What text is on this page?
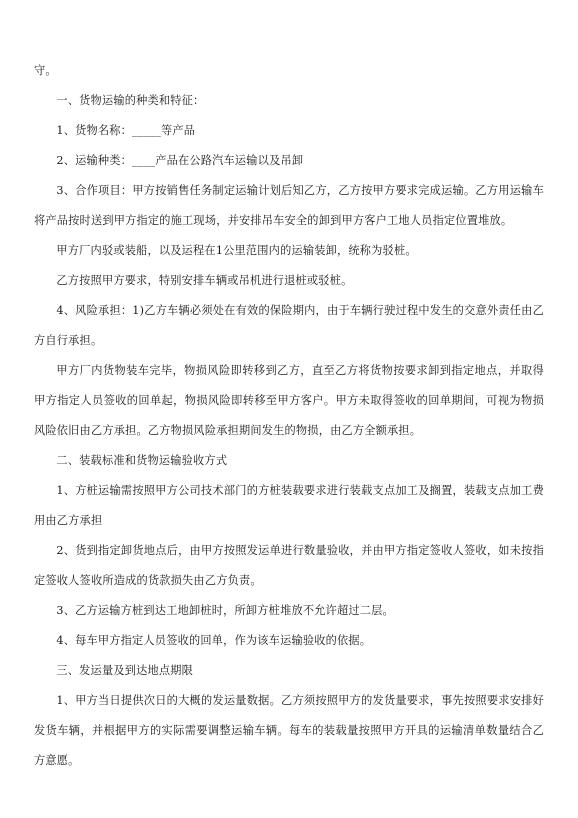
守。

一、货物运输的种类和特征：

1、货物名称：_____等产品

2、运输种类：____产品在公路汽车运输以及吊卸

3、合作项目：甲方按销售任务制定运输计划后知乙方，乙方按甲方要求完成运输。乙方用运输车将产品按时送到甲方指定的施工现场，并安排吊车安全的卸到甲方客户工地人员指定位置堆放。

甲方厂内驳或装船，以及运程在1公里范围内的运输装卸，统称为驳桩。

乙方按照甲方要求，特别安排车辆或吊机进行退桩或驳桩。

4、风险承担：1)乙方车辆必须处在有效的保险期内，由于车辆行驶过程中发生的交意外责任由乙方自行承担。

甲方厂内货物装车完毕，物损风险即转移到乙方，直至乙方将货物按要求卸到指定地点，并取得甲方指定人员签收的回单起，物损风险即转移至甲方客户。甲方未取得签收的回单期间，可视为物损风险依旧由乙方承担。乙方物损风险承担期间发生的物损，由乙方全额承担。

二、装载标准和货物运输验收方式

1、方桩运输需按照甲方公司技术部门的方桩装载要求进行装载支点加工及搁置，装载支点加工费用由乙方承担

2、货到指定卸货地点后，由甲方按照发运单进行数量验收，并由甲方指定签收人签收，如未按指定签收人签收所造成的货款损失由乙方负责。

3、乙方运输方桩到达工地卸桩时，所卸方桩堆放不允许超过二层。

4、每车甲方指定人员签收的回单，作为该车运输验收的依据。

三、发运量及到达地点期限

1、甲方当日提供次日的大概的发运量数据。乙方须按照甲方的发货量要求，事先按照要求安排好发货车辆，并根据甲方的实际需要调整运输车辆。每车的装载量按照甲方开具的运输清单数量结合乙方意愿。
